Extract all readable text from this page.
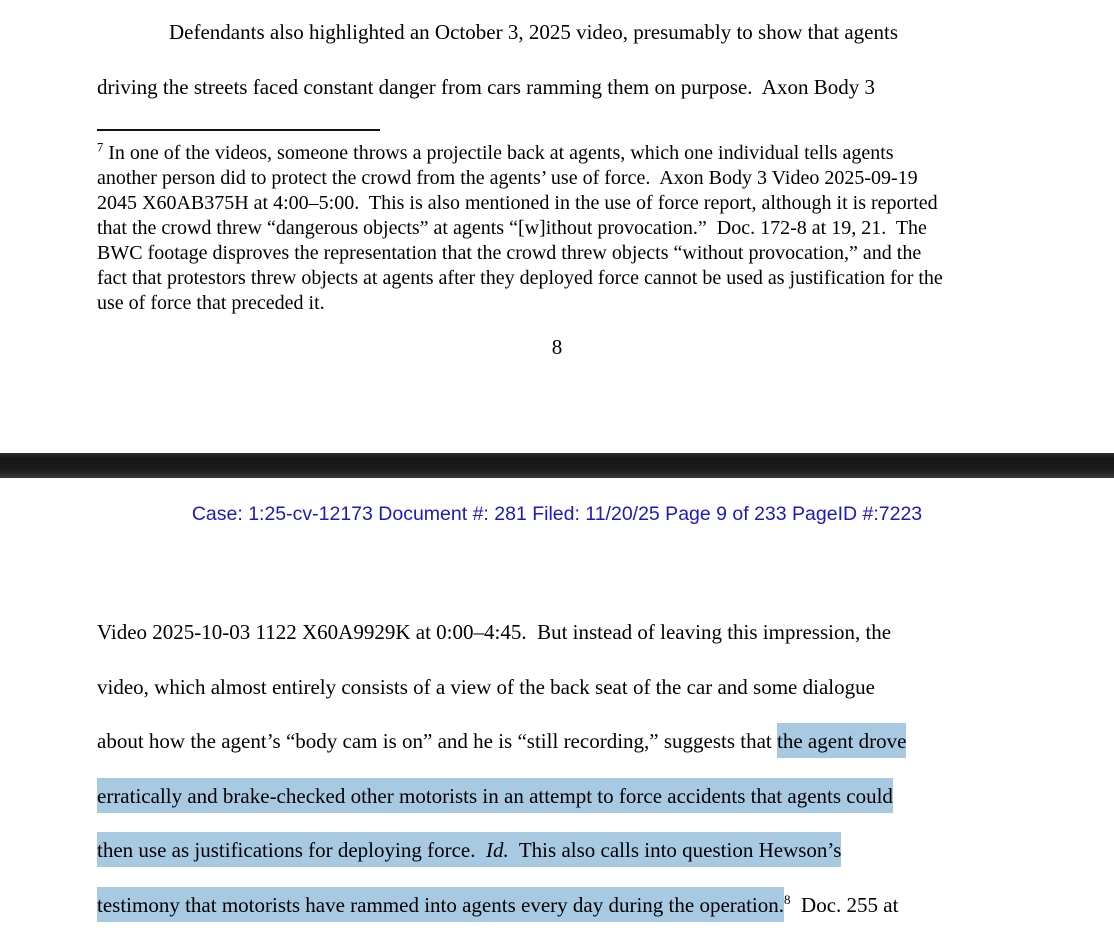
Defendants also highlighted an October 3, 2025 video, presumably to show that agents
driving the streets faced constant danger from cars ramming them on purpose.  Axon Body 3
$^7$ In one of the videos, someone throws a projectile back at agents, which one individual tells agents
another person did to protect the crowd from the agents’ use of force.  Axon Body 3 Video 2025-09-19
2045 X60AB375H at 4:00–5:00.  This is also mentioned in the use of force report, although it is reported
that the crowd threw “dangerous objects” at agents “[w]ithout provocation.”  Doc. 172-8 at 19, 21.  The
BWC footage disproves the representation that the crowd threw objects “without provocation,” and the
fact that protestors threw objects at agents after they deployed force cannot be used as justification for the
use of force that preceded it.
8
Case: 1:25-cv-12173 Document #: 281 Filed: 11/20/25 Page 9 of 233 PageID #:7223
Video 2025-10-03 1122 X60A9929K at 0:00–4:45.  But instead of leaving this impression, the
video, which almost entirely consists of a view of the back seat of the car and some dialogue
about how the agent’s “body cam is on” and he is “still recording,” suggests that the agent drove
erratically and brake-checked other motorists in an attempt to force accidents that agents could
then use as justifications for deploying force.  Id.  This also calls into question Hewson’s
testimony that motorists have rammed into agents every day during the operation.$^8$  Doc. 255 at
